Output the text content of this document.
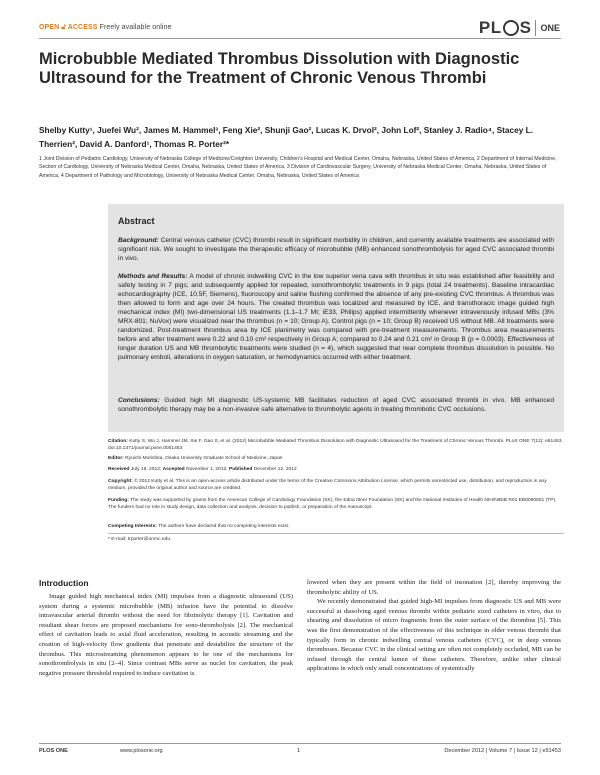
OPEN 🔓︎ ACCESS Freely available online	PL S ONE
Microbubble Mediated Thrombus Dissolution with Diagnostic Ultrasound for the Treatment of Chronic Venous Thrombi
Shelby Kutty¹, Juefei Wu², James M. Hammel³, Feng Xie², Shunji Gao², Lucas K. Drvol², John Lof², Stanley J. Radio⁴, Stacey L. Therrien², David A. Danford¹, Thomas R. Porter²*
1 Joint Division of Pediatric Cardiology, University of Nebraska College of Medicine/Creighton University, Children's Hospital and Medical Center, Omaha, Nebraska, United States of America, 2 Department of Internal Medicine, Section of Cardiology, University of Nebraska Medical Center, Omaha, Nebraska, United States of America, 3 Division of Cardiovascular Surgery, University of Nebraska Medical Center, Omaha, Nebraska, United States of America, 4 Department of Pathology and Microbiology, University of Nebraska Medical Center, Omaha, Nebraska, United States of America
Abstract
Background: Central venous catheter (CVC) thrombi result in significant morbidity in children, and currently available treatments are associated with significant risk. We sought to investigate the therapeutic efficacy of microbubble (MB) enhanced sonothrombolysis for aged CVC associated thrombi in vivo.
Methods and Results: A model of chronic indwelling CVC in the low superior vena cava with thrombus in situ was established after feasibility and safety testing in 7 pigs; and subsequently applied for repeated, sonothrombolytic treatments in 9 pigs (total 24 treatments). Baseline intracardiac echocardiography (ICE, 10.5F, Siemens), fluoroscopy and saline flushing confirmed the absence of any pre-existing CVC thrombus. A thrombus was then allowed to form and age over 24 hours. The created thrombus was localized and measured by ICE, and transthoracic image guided high mechanical index (MI) two-dimensional US treatments (1.1–1.7 MI; iE33, Philips) applied intermittently whenever intravenously infused MBs (3% MRX-801; NuVox) were visualized near the thrombus (n = 10; Group A). Control pigs (n = 10; Group B) received US without MB. All treatments were randomized. Post-treatment thrombus area by ICE planimetry was compared with pre-treatment measurements. Thrombus area measurements before and after treatment were 0.22 and 0.10 cm² respectively in Group A; compared to 0.24 and 0.21 cm² in Group B (p = 0.0003). Effectiveness of longer duration US and MB thrombolytic treatments were studied (n = 4), which suggested that near complete thrombus dissolution is possible. No pulmonary emboli, alterations in oxygen saturation, or hemodynamics occurred with either treatment.
Conclusions: Guided high MI diagnostic US-systemic MB facilitates reduction of aged CVC associated thrombi in vivo. MB enhanced sonothrombolytic therapy may be a non-invasive safe alternative to thrombolytic agents in treating thrombotic CVC occlusions.
Citation: Kutty S, Wu J, Hammel JM, Xie F, Gao S, et al. (2012) Microbubble Mediated Thrombus Dissolution with Diagnostic Ultrasound for the Treatment of Chronic Venous Thrombi. PLoS ONE 7(12): e51453. doi:10.1371/journal.pone.0051453
Editor: Ryuichi Morishita, Osaka University Graduate School of Medicine, Japan
Received July 19, 2012; Accepted November 1, 2012; Published December 12, 2012
Copyright: © 2012 Kutty et al. This is an open-access article distributed under the terms of the Creative Commons Attribution License, which permits unrestricted use, distribution, and reproduction in any medium, provided the original author and source are credited.
Funding: The study was supported by grants from the American College of Cardiology Foundation (SK), the Edna Ittner Foundation (SK) and the National Institutes of Health NIH/NIBIB R01 EB0090501 (TP). The funders had no role in study design, data collection and analysis, decision to publish, or preparation of the manuscript.
Competing Interests: The authors have declared that no competing interests exist.
* E-mail: trporter@unmc.edu
Introduction

Image guided high mechanical index (MI) impulses from a diagnostic ultrasound (US) system during a systemic microbubble (MB) infusion have the potential to dissolve intravascular arterial thrombi without the need for fibrinolytic therapy [1]. Cavitation and resultant shear forces are proposed mechanisms for sono-thrombolysis [2]. The mechanical effect of cavitation leads to axial fluid acceleration, resulting in acoustic streaming and the creation of high-velocity flow gradients that penetrate and destabilize the structure of the thrombus. This microstreaming phenomenon appears to be one of the mechanisms for sonothrombolysis in situ [2–4]. Since contrast MBs serve as nuclei for cavitation, the peak negative pressure threshold required to induce cavitation is

lowered when they are present within the field of insonation [2], thereby improving the thrombolytic ability of US.

We recently demonstrated that guided high-MI impulses from diagnostic US and MB were successful at dissolving aged venous thrombi within pediatric sized catheters in vitro, due to shearing and dissolution of micro fragments from the outer surface of the thrombus [5]. This was the first demonstration of the effectiveness of this technique in older venous thrombi that typically form in chronic indwelling central venous catheters (CVC), or in deep venous thromboses. Because CVC in the clinical setting are often not completely occluded, MB can be infused through the central lumen of these catheters. Therefore, unlike other clinical applications in which only small concentrations of systemically

PLOS ONE	www.plosone.org	1	December 2012 | Volume 7 | Issue 12 | e51453
